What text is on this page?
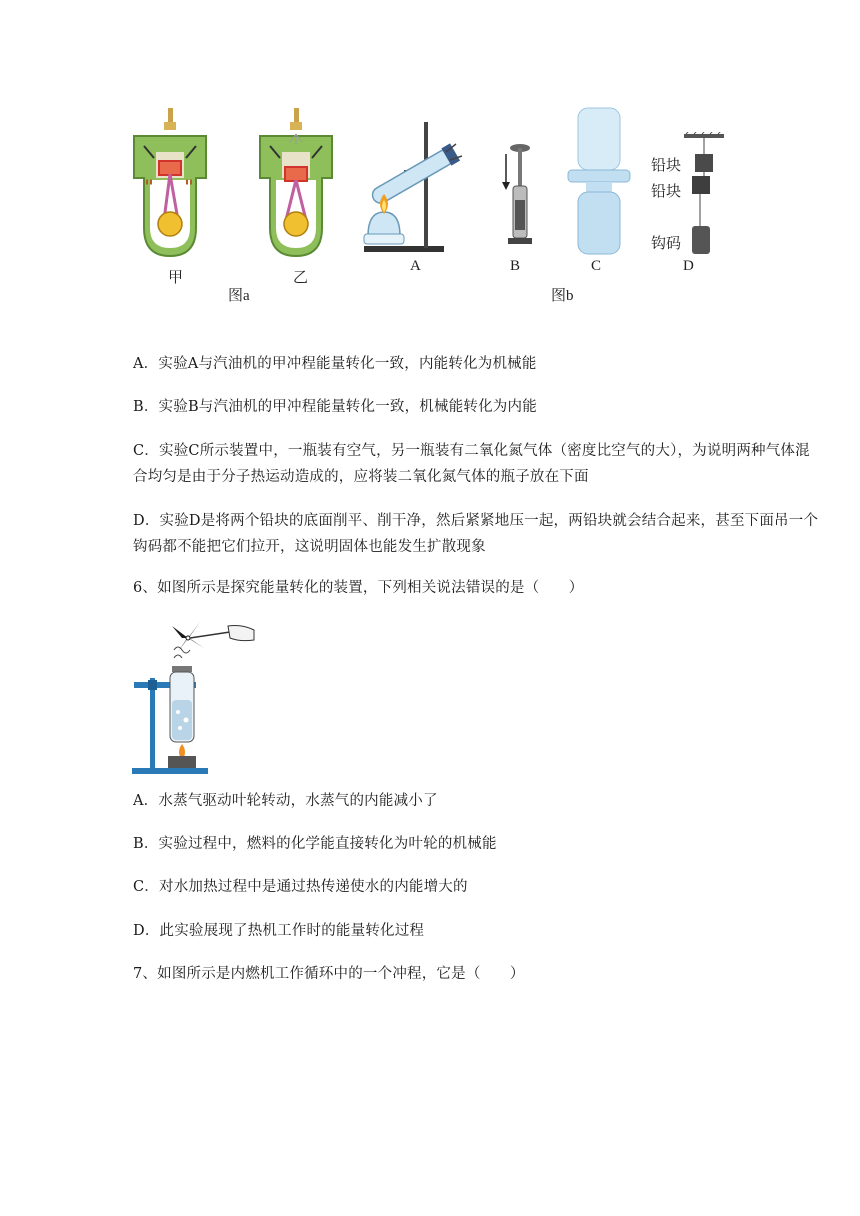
甲	乙
图a
A	B	C
铅块
铅块
钩码
D
图b
A．实验A与汽油机的甲冲程能量转化一致，内能转化为机械能
B．实验B与汽油机的甲冲程能量转化一致，机械能转化为内能
C．实验C所示装置中，一瓶装有空气，另一瓶装有二氧化氮气体（密度比空气的大），为说明两种气体混合均匀是由于分子热运动造成的，应将装二氧化氮气体的瓶子放在下面
D．实验D是将两个铅块的底面削平、削干净，然后紧紧地压一起，两铅块就会结合起来，甚至下面吊一个钩码都不能把它们拉开，这说明固体也能发生扩散现象
6、如图所示是探究能量转化的装置，下列相关说法错误的是（　　）
A．水蒸气驱动叶轮转动，水蒸气的内能减小了
B．实验过程中，燃料的化学能直接转化为叶轮的机械能
C．对水加热过程中是通过热传递使水的内能增大的
D．此实验展现了热机工作时的能量转化过程
7、如图所示是内燃机工作循环中的一个冲程，它是（　　）
